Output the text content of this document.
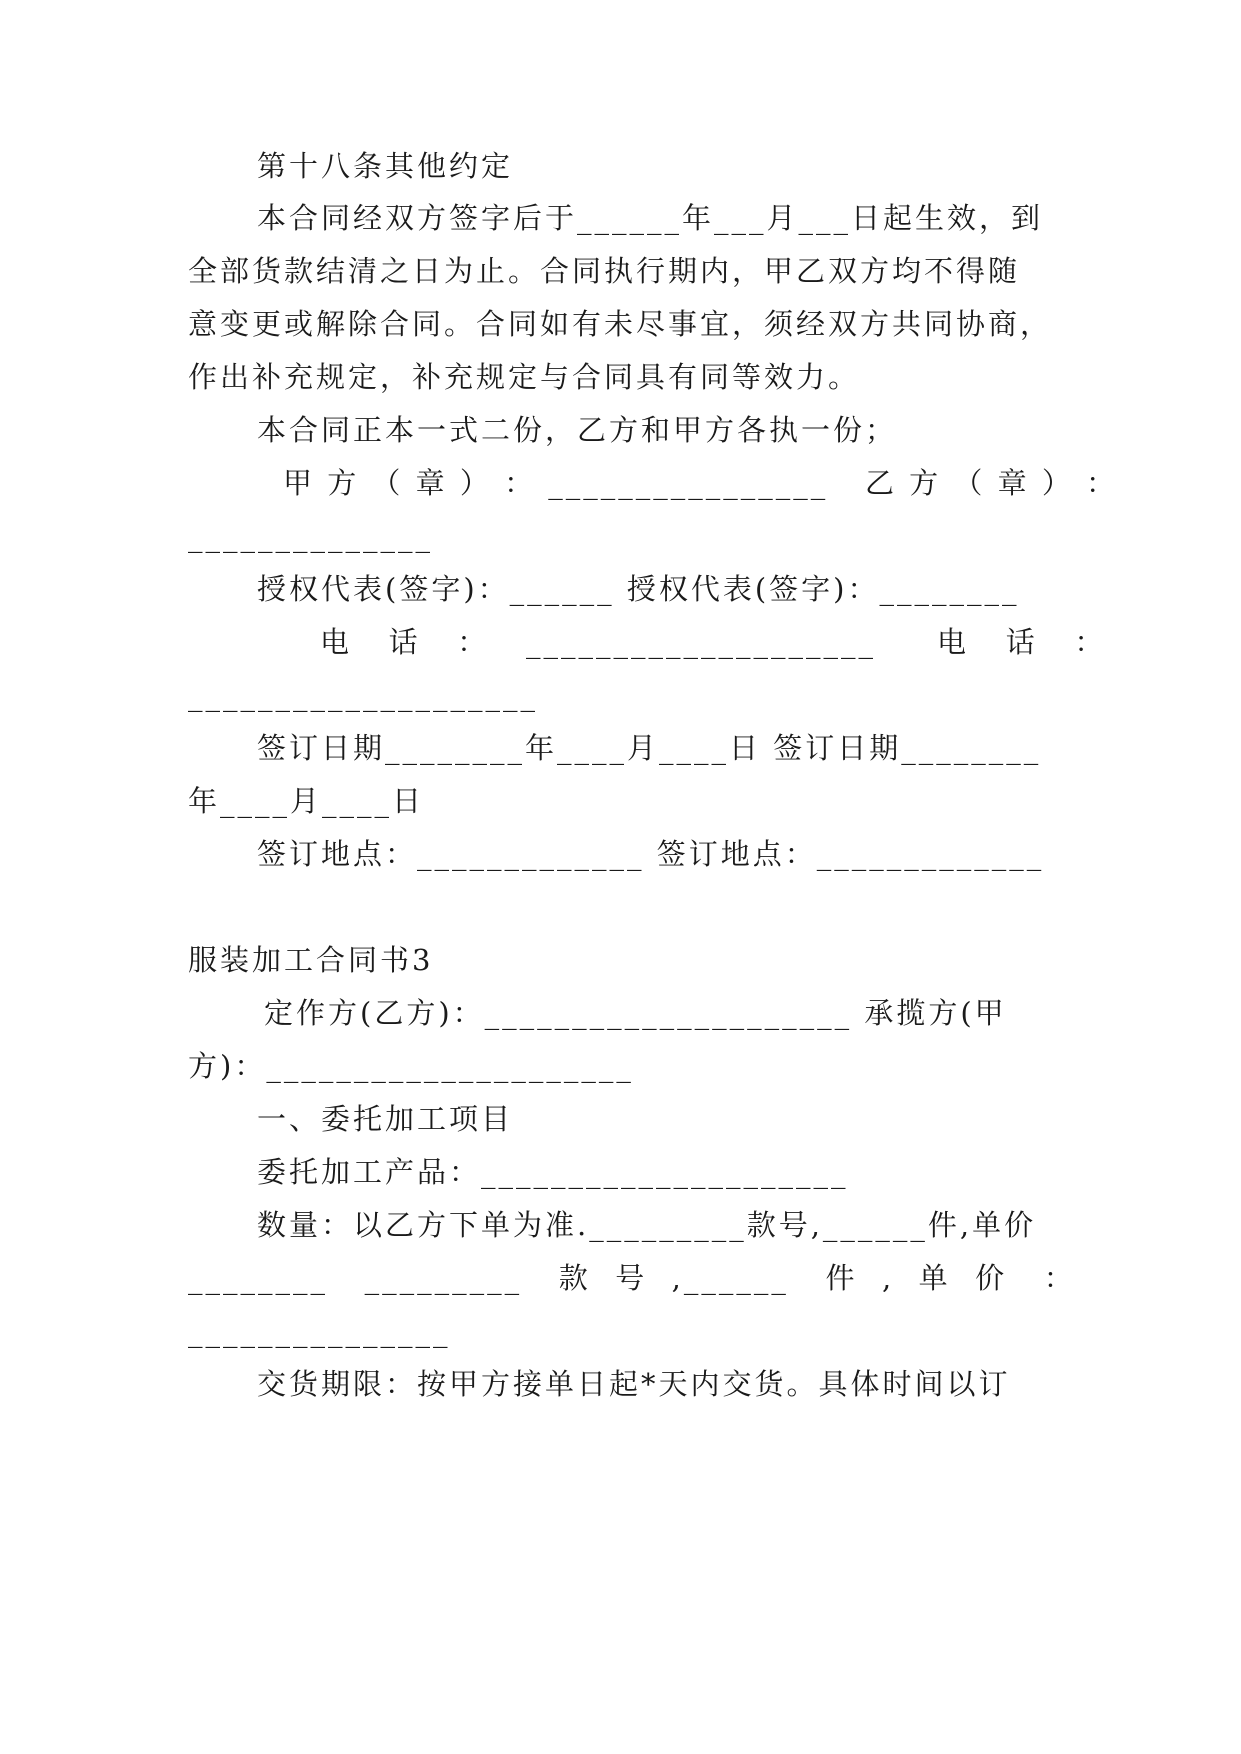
第十八条其他约定
本合同经双方签字后于______年___月___日起生效，到
全部货款结清之日为止。合同执行期内，甲乙双方均不得随
意变更或解除合同。合同如有未尽事宜，须经双方共同协商，
作出补充规定，补充规定与合同具有同等效力。
本合同正本一式二份，乙方和甲方各执一份；
甲 方 （ 章 ） ： ________________   乙 方 （ 章 ） ：
______________
授权代表(签字)：______ 授权代表(签字)：________
电   话   ：   ____________________     电   话   ：
____________________
签订日期________年____月____日 签订日期________
年____月____日
签订地点：_____________ 签订地点：_____________
服装加工合同书3
定作方(乙方)：_____________________ 承揽方(甲
方)：_____________________
一、委托加工项目
委托加工产品：_____________________
数量：以乙方下单为准._________款号,______件,单价
________   _________   款  号  ,______   件  ,  单  价   ：
_______________
交货期限：按甲方接单日起*天内交货。具体时间以订
